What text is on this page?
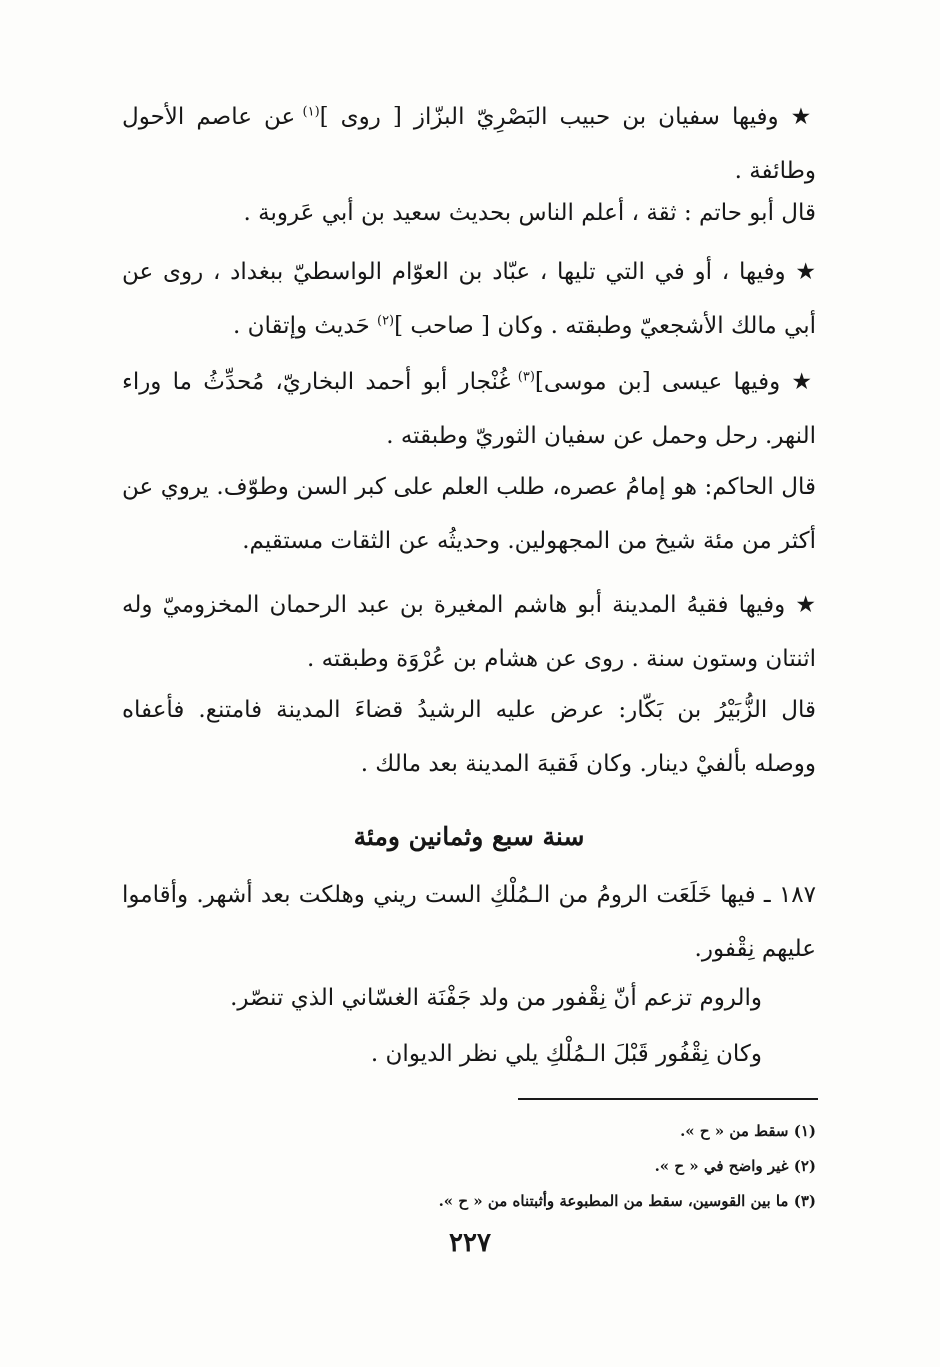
★ وفيها سفيان بن حبيب البَصْرِيّ البزّاز [ روى ]$^{(١)}$ عن عاصم الأحول وطائفة .
قال أبو حاتم : ثقة ، أعلم الناس بحديث سعيد بن أبي عَروبة .
★ وفيها ، أو في التي تليها ، عبّاد بن العوّام الواسطيّ ببغداد ، روى عن أبي مالك الأشجعيّ وطبقته . وكان [ صاحب ]$^{(٢)}$ حَديث وإتقان .
★ وفيها عيسى [بن موسى]$^{(٣)}$ غُنْجار أبو أحمد البخاريّ، مُحدِّثُ ما وراء النهر. رحل وحمل عن سفيان الثوريّ وطبقته .
قال الحاكم: هو إمامُ عصره، طلب العلم على كبر السن وطوّف. يروي عن أكثر من مئة شيخ من المجهولين. وحديثُه عن الثقات مستقيم.
★ وفيها فقيهُ المدينة أبو هاشم المغيرة بن عبد الرحمان المخزوميّ وله اثنتان وستون سنة . روى عن هشام بن عُرْوَة وطبقته .
قال الزُّبَيْرُ بن بَكّار: عرض عليه الرشيدُ قضاءَ المدينة فامتنع. فأعفاه ووصله بألفيْ دينار. وكان فَقيهَ المدينة بعد مالك .
سنة سبع وثمانين ومئة
١٨٧ ـ فيها خَلَعَت الرومُ من الـمُلْكِ الست ريني وهلكت بعد أشهر. وأقاموا عليهم نِقْفور.
والروم تزعم أنّ نِقْفور من ولد جَفْنَة الغسّاني الذي تنصّر.
وكان نِقْفُور قَبْلَ الـمُلْكِ يلي نظر الديوان .
(١) سقط من « ح ».
(٢) غير واضح في « ح ».
(٣) ما بين القوسين، سقط من المطبوعة وأثبتناه من « ح ».
٢٢٧
